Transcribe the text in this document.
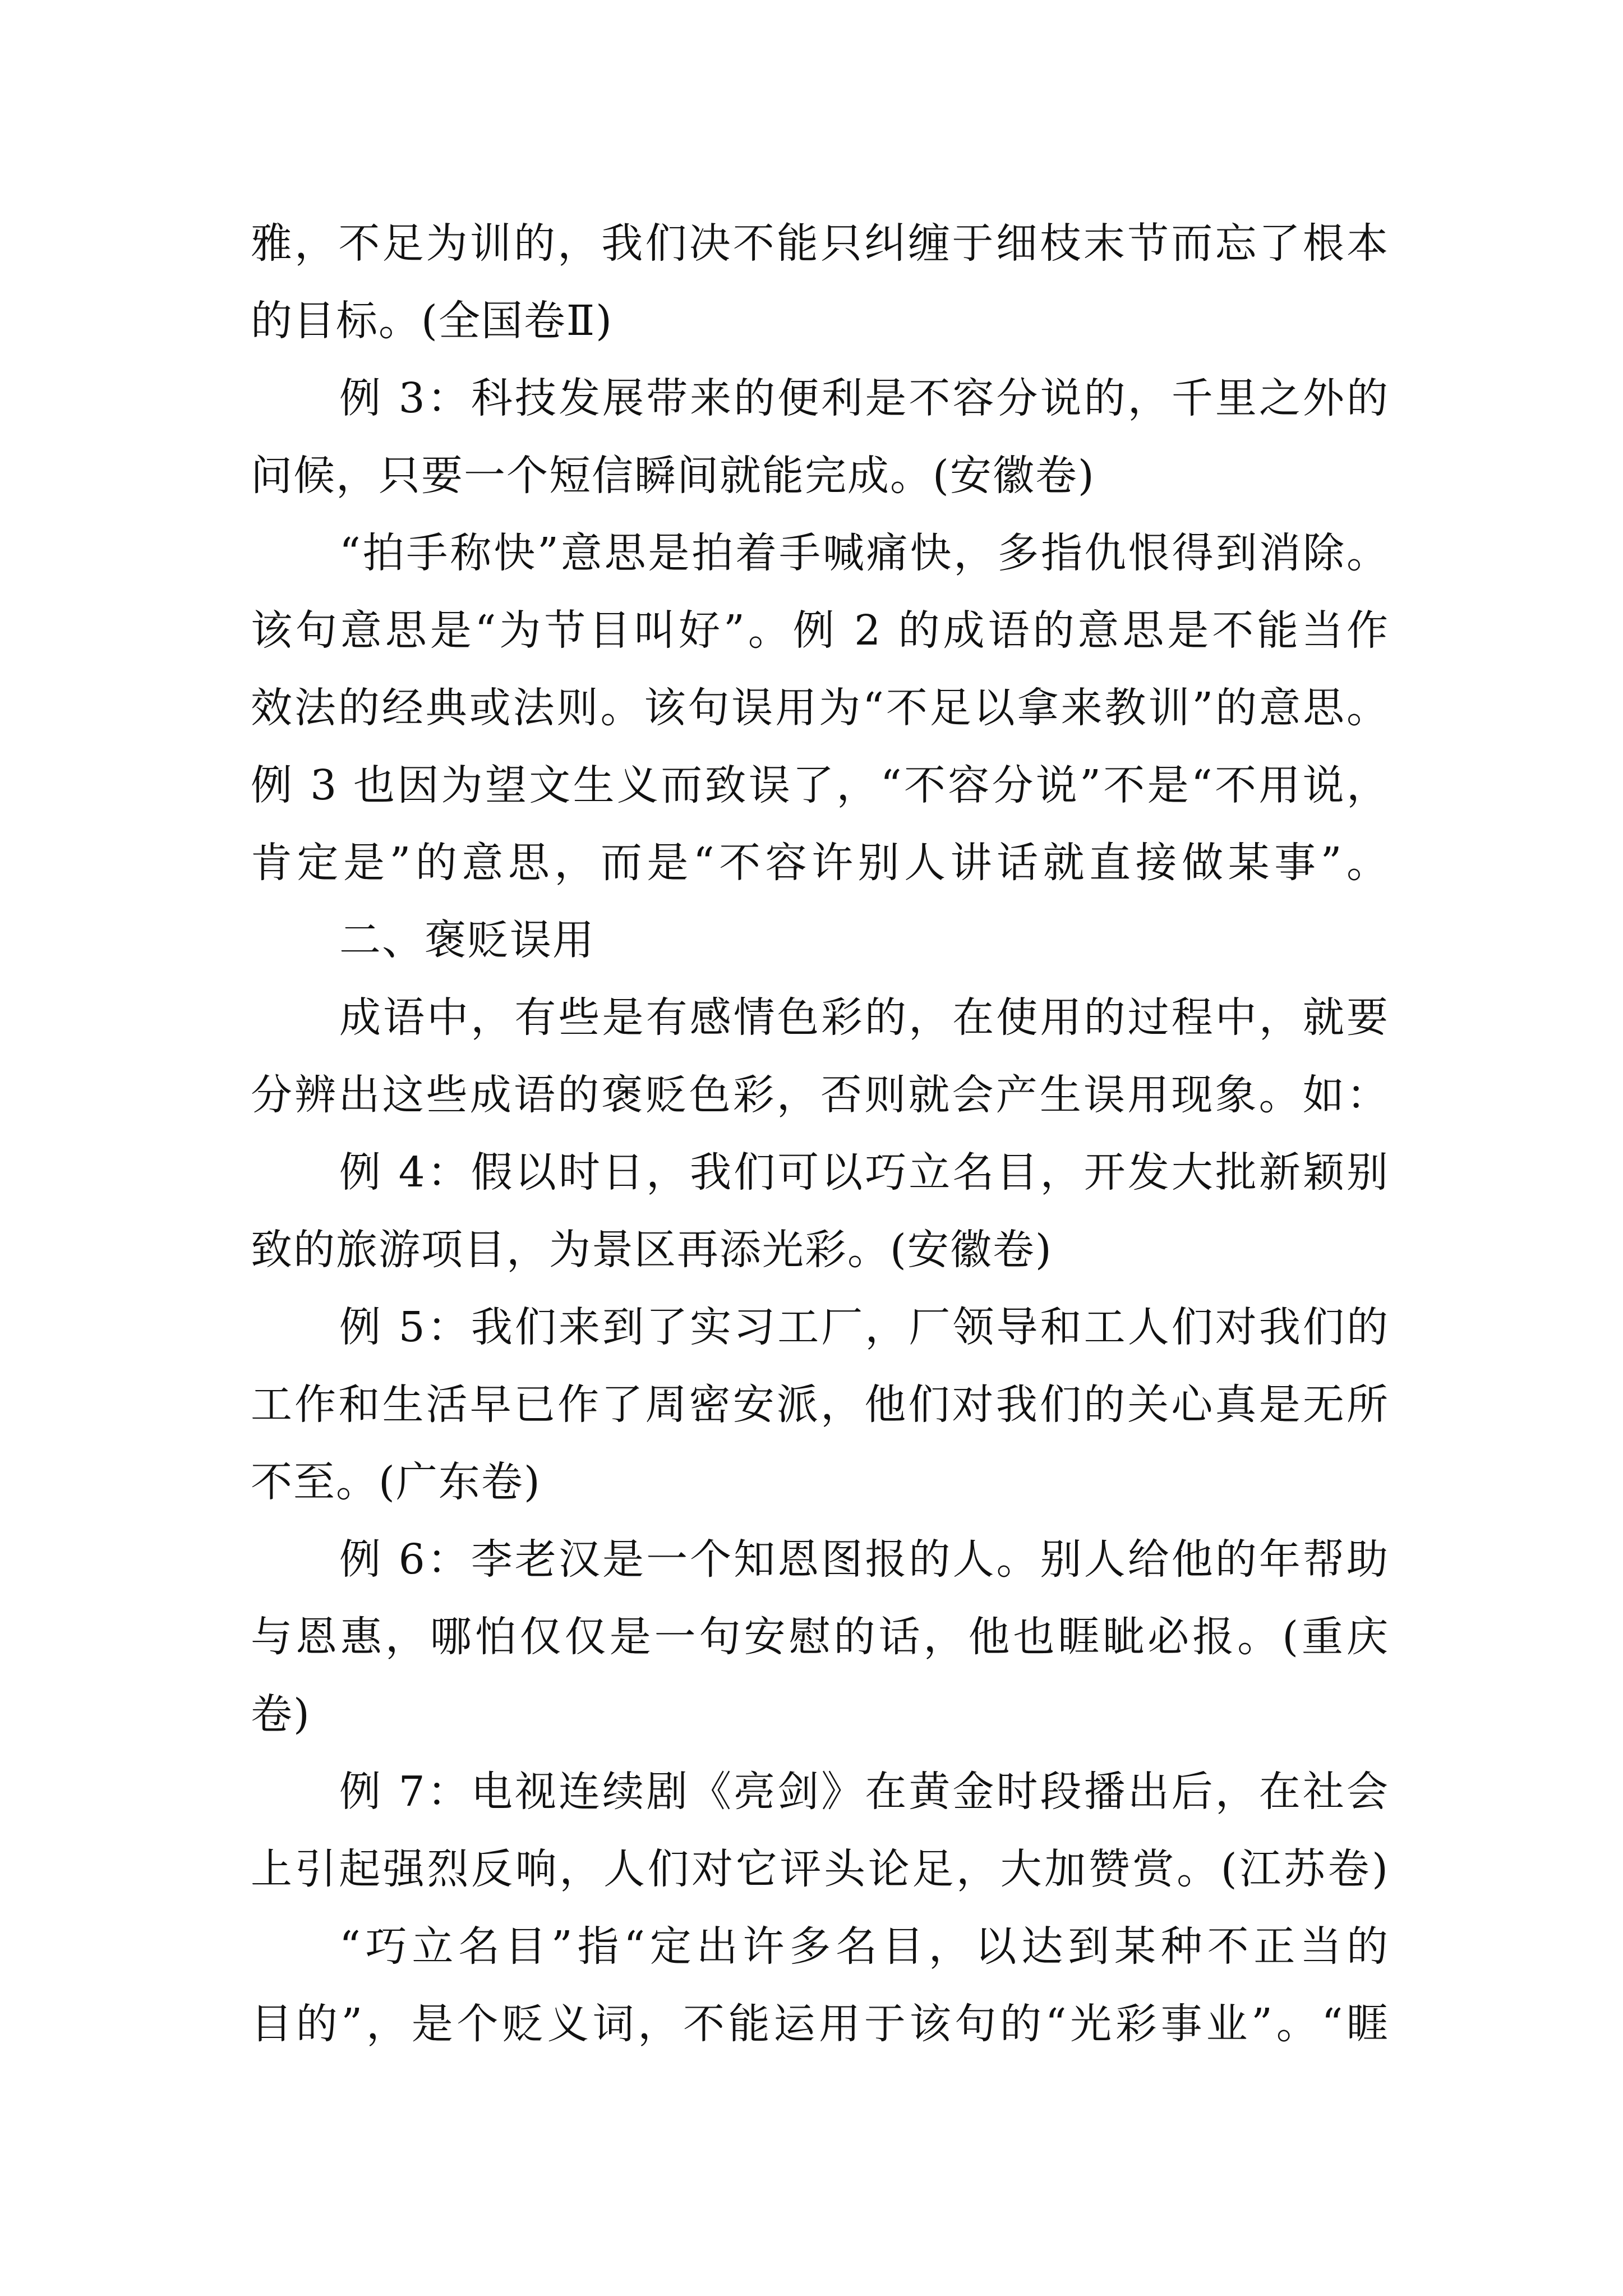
雅，不足为训的，我们决不能只纠缠于细枝末节而忘了根本
的目标。(全国卷Ⅱ)
例 3：科技发展带来的便利是不容分说的，千里之外的
问候，只要一个短信瞬间就能完成。(安徽卷)
“拍手称快”意思是拍着手喊痛快，多指仇恨得到消除。
该句意思是“为节目叫好”。例 2 的成语的意思是不能当作
效法的经典或法则。该句误用为“不足以拿来教训”的意思。
例 3 也因为望文生义而致误了，“不容分说”不是“不用说，
肯定是”的意思，而是“不容许别人讲话就直接做某事”。
二、褒贬误用
成语中，有些是有感情色彩的，在使用的过程中，就要
分辨出这些成语的褒贬色彩，否则就会产生误用现象。如：
例 4：假以时日，我们可以巧立名目，开发大批新颖别
致的旅游项目，为景区再添光彩。(安徽卷)
例 5：我们来到了实习工厂，厂领导和工人们对我们的
工作和生活早已作了周密安派，他们对我们的关心真是无所
不至。(广东卷)
例 6：李老汉是一个知恩图报的人。别人给他的年帮助
与恩惠，哪怕仅仅是一句安慰的话，他也睚眦必报。(重庆
卷)
例 7：电视连续剧《亮剑》在黄金时段播出后，在社会
上引起强烈反响，人们对它评头论足，大加赞赏。(江苏卷)
“巧立名目”指“定出许多名目，以达到某种不正当的
目的”，是个贬义词，不能运用于该句的“光彩事业”。“睚
